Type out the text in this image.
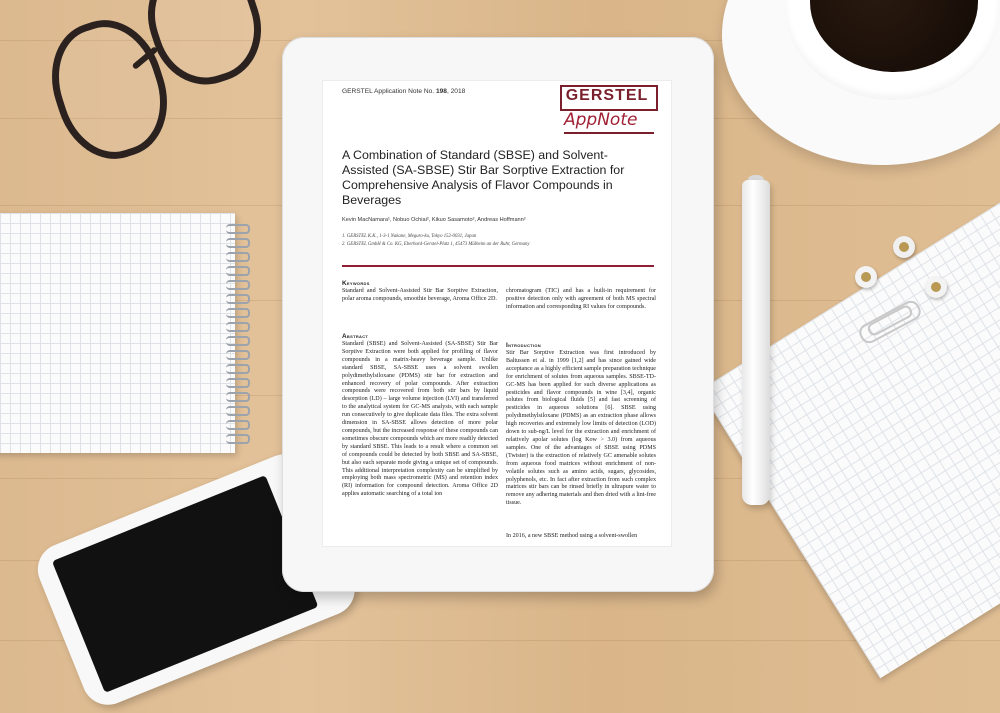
GERSTEL Application Note No. 198, 2018	GERSTEL
AppNote
A Combination of Standard (SBSE) and Solvent-Assisted (SA-SBSE) Stir Bar Sorptive Extraction for Comprehensive Analysis of Flavor Compounds in Beverages
Kevin MacNamara¹, Nobuo Ochiai², Kikuo Sasamoto², Andreas Hoffmann²
1. GERSTEL K.K., 1-3-1 Nakane, Meguro-ku, Tokyo 152-0031, Japan
2. GERSTEL GmbH & Co. KG, Eberhard-Gerstel-Platz 1, 45473 Mülheim an der Ruhr, Germany
Keywords
Standard and Solvent-Assisted Stir Bar Sorptive Extraction, polar aroma compounds, smoothie beverage, Aroma Office 2D.
Abstract
Standard (SBSE) and Solvent-Assisted (SA-SBSE) Stir Bar Sorptive Extraction were both applied for profiling of flavor compounds in a matrix-heavy beverage sample. Unlike standard SBSE, SA-SBSE uses a solvent swollen polydimethylsiloxane (PDMS) stir bar for extraction and enhanced recovery of polar compounds. After extraction compounds were recovered from both stir bars by liquid desorption (LD) – large volume injection (LVI) and transferred to the analytical system for GC-MS analysis, with each sample run consecutively to give duplicate data files. The extra solvent dimension in SA-SBSE allows detection of more polar compounds, but the increased response of these compounds can sometimes obscure compounds which are more readily detected by standard SBSE. This leads to a result where a common set of compounds could be detected by both SBSE and SA-SBSE, but also each separate mode giving a unique set of compounds. This additional interpretation complexity can be simplified by employing both mass spectrometric (MS) and retention index (RI) information for compound detection. Aroma Office 2D applies automatic searching of a total ion
chromatogram (TIC) and has a built-in requirement for positive detection only with agreement of both MS spectral information and corresponding RI values for compounds.
Introduction
Stir Bar Sorptive Extraction was first introduced by Baltussen et al. in 1999 [1,2] and has since gained wide acceptance as a highly efficient sample preparation technique for enrichment of solutes from aqueous samples. SBSE-TD-GC-MS has been applied for such diverse applications as pesticides and flavor compounds in wine [3,4], organic solutes from biological fluids [5] and fast screening of pesticides in aqueous solutions [6]. SBSE using polydimethylsiloxane (PDMS) as an extraction phase allows high recoveries and extremely low limits of detection (LOD) down to sub-ng/L level for the extraction and enrichment of relatively apolar solutes (log Kow > 3.0) from aqueous samples. One of the advantages of SBSE using PDMS (Twister) is the extraction of relatively GC amenable solutes from aqueous food matrices without enrichment of non-volatile solutes such as amino acids, sugars, glycosides, polyphenols, etc. In fact after extraction from such complex matrices stir bars can be rinsed briefly in ultrapure water to remove any adhering materials and then dried with a lint-free tissue.
In 2016, a new SBSE method using a solvent-swollen
